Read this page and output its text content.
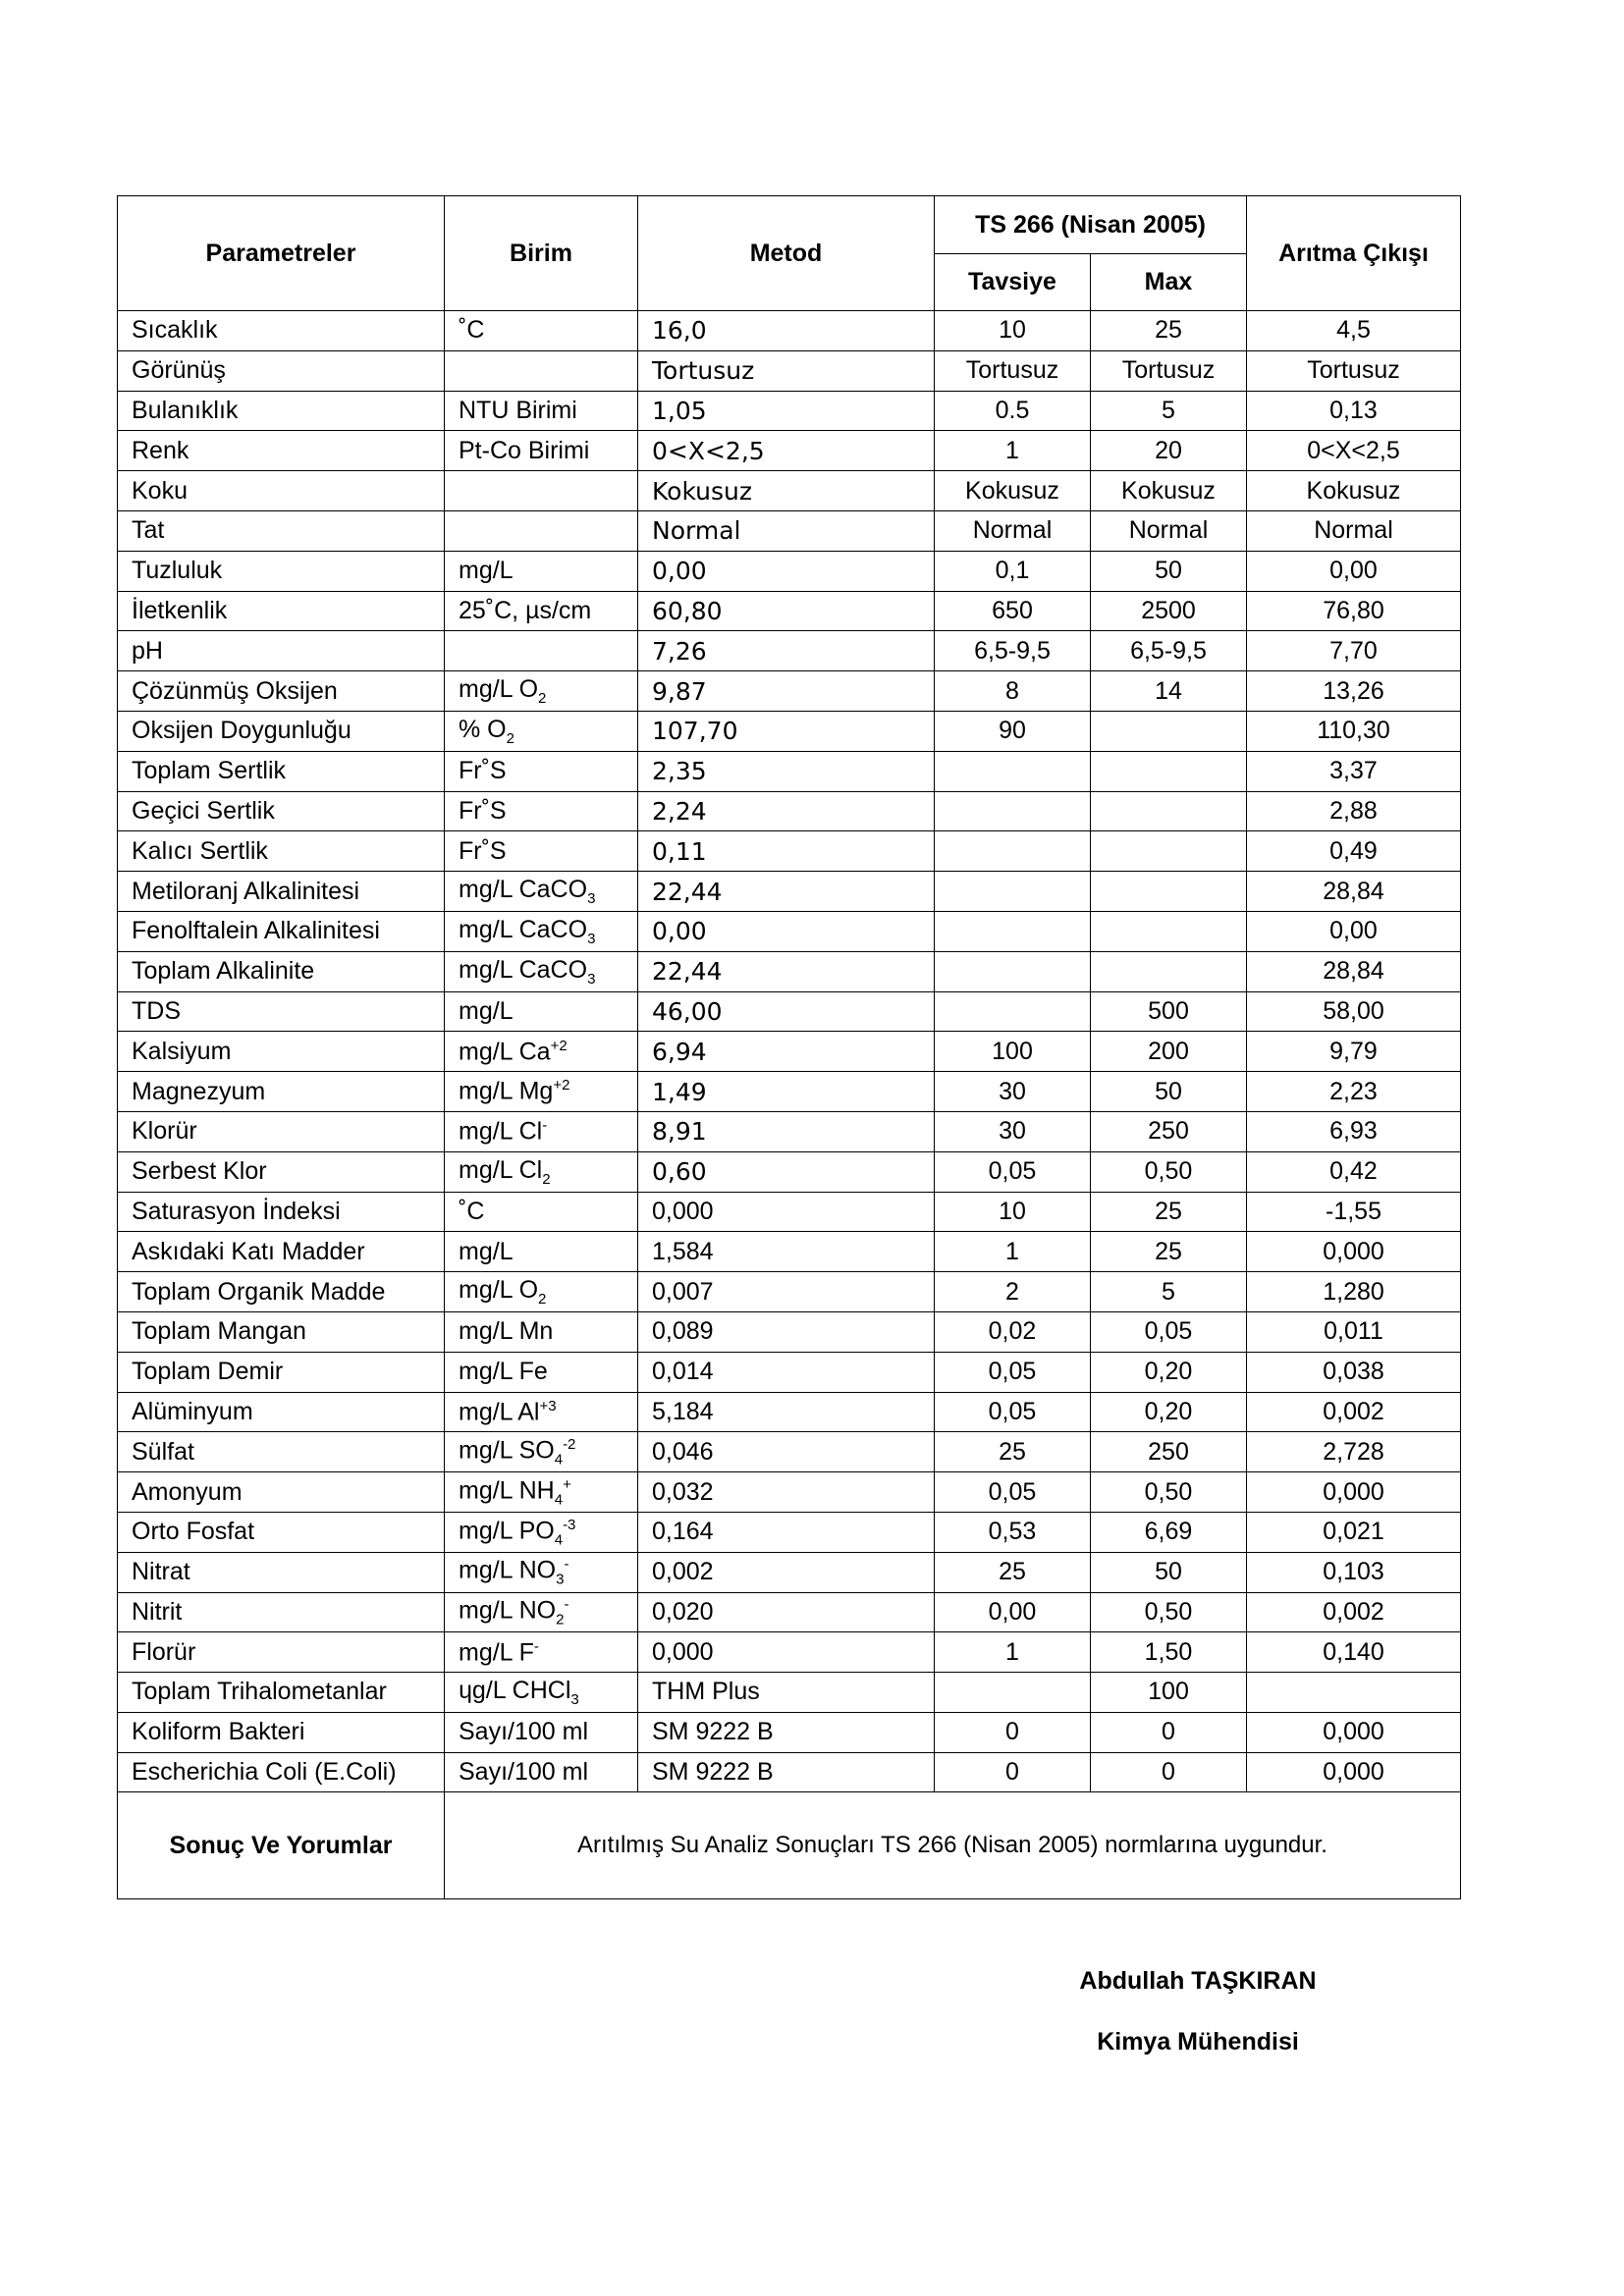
Parametreler	Birim	Metod	TS 266 (Nisan 2005)		Arıtma Çıkışı
			Tavsiye	Max	
Sıcaklık	˚C	16,0	10	25	4,5
Görünüş		Tortusuz	Tortusuz	Tortusuz	Tortusuz
Bulanıklık	NTU Birimi	1,05	0.5	5	0,13
Renk	Pt-Co Birimi	0<X<2,5	1	20	0<X<2,5
Koku		Kokusuz	Kokusuz	Kokusuz	Kokusuz
Tat		Normal	Normal	Normal	Normal
Tuzluluk	mg/L	0,00	0,1	50	0,00
İletkenlik	25˚C, µs/cm	60,80	650	2500	76,80
pH		7,26	6,5-9,5	6,5-9,5	7,70
Çözünmüş Oksijen	mg/L $O_2$	9,87	8	14	13,26
Oksijen Doygunluğu	% $O_2$	107,70	90		110,30
Toplam Sertlik	Fr˚S	2,35			3,37
Geçici Sertlik	Fr˚S	2,24			2,88
Kalıcı Sertlik	Fr˚S	0,11			0,49
Metiloranj Alkalinitesi	mg/L CaCO$_3$	22,44			28,84
Fenolftalein Alkalinitesi	mg/L CaCO$_3$	0,00			0,00
Toplam Alkalinite	mg/L CaCO$_3$	22,44			28,84
TDS	mg/L	46,00		500	58,00
Kalsiyum	mg/L $Ca^{+2}$	6,94	100	200	9,79
Magnezyum	mg/L $Mg^{+2}$	1,49	30	50	2,23
Klorür	mg/L Cl-	8,91	30	250	6,93
Serbest Klor	mg/L $Cl_2$	0,60	0,05	0,50	0,42
Saturasyon İndeksi	˚C	0,000	10	25	-1,55
Askıdaki Katı Madder	mg/L	1,584	1	25	0,000
Toplam Organik Madde	mg/L $O_2$	0,007	2	5	1,280
Toplam Mangan	mg/L Mn	0,089	0,02	0,05	0,011
Toplam Demir	mg/L Fe	0,014	0,05	0,20	0,038
Alüminyum	mg/L $Al^{+3}$	5,184	0,05	0,20	0,002
Sülfat	mg/L $SO_4^{-2}$	0,046	25	250	2,728
Amonyum	mg/L $NH_4^+$	0,032	0,05	0,50	0,000
Orto Fosfat	mg/L $PO_4^{-3}$	0,164	0,53	6,69	0,021
Nitrat	mg/L $NO_3^-$	0,002	25	50	0,103
Nitrit	mg/L $NO_2^-$	0,020	0,00	0,50	0,002
Florür	mg/L F-	0,000	1	1,50	0,140
Toplam Trihalometanlar	ɥg/L CHCl$_3$	THM Plus		100	
Koliform Bakteri	Sayı/100 ml	SM 9222 B	0	0	0,000
Escherichia Coli (E.Coli)	Sayı/100 ml	SM 9222 B	0	0	0,000
Sonuç Ve Yorumlar	Arıtılmış Su Analiz Sonuçları TS 266 (Nisan 2005) normlarına uygundur.				
Abdullah TAŞKIRAN
Kimya Mühendisi
